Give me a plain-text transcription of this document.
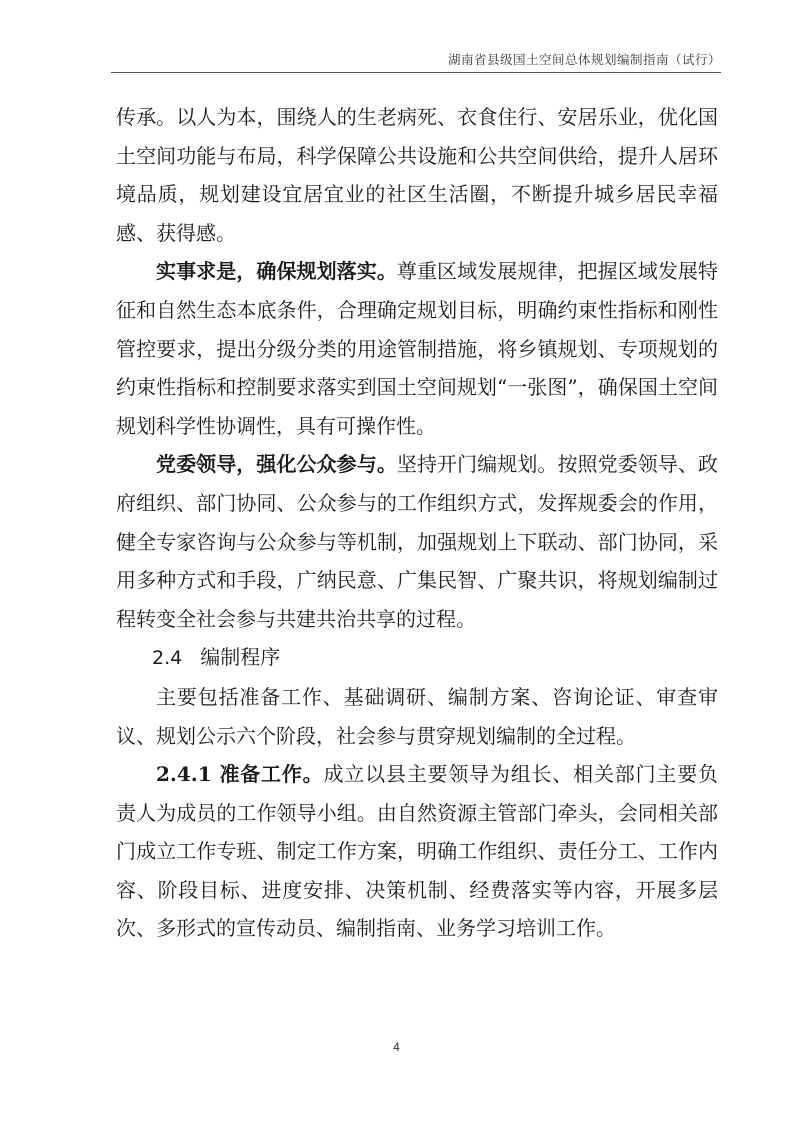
湖南省县级国土空间总体规划编制指南（试行）

传承。以人为本，围绕人的生老病死、衣食住行、安居乐业，优化国土空间功能与布局，科学保障公共设施和公共空间供给，提升人居环境品质，规划建设宜居宜业的社区生活圈，不断提升城乡居民幸福感、获得感。

实事求是，确保规划落实。尊重区域发展规律，把握区域发展特征和自然生态本底条件，合理确定规划目标，明确约束性指标和刚性管控要求，提出分级分类的用途管制措施，将乡镇规划、专项规划的约束性指标和控制要求落实到国土空间规划“一张图”，确保国土空间规划科学性协调性，具有可操作性。

党委领导，强化公众参与。坚持开门编规划。按照党委领导、政府组织、部门协同、公众参与的工作组织方式，发挥规委会的作用，健全专家咨询与公众参与等机制，加强规划上下联动、部门协同，采用多种方式和手段，广纳民意、广集民智、广聚共识，将规划编制过程转变全社会参与共建共治共享的过程。

2.4 编制程序

主要包括准备工作、基础调研、编制方案、咨询论证、审查审议、规划公示六个阶段，社会参与贯穿规划编制的全过程。

2.4.1 准备工作。成立以县主要领导为组长、相关部门主要负责人为成员的工作领导小组。由自然资源主管部门牵头，会同相关部门成立工作专班、制定工作方案，明确工作组织、责任分工、工作内容、阶段目标、进度安排、决策机制、经费落实等内容，开展多层次、多形式的宣传动员、编制指南、业务学习培训工作。

4
